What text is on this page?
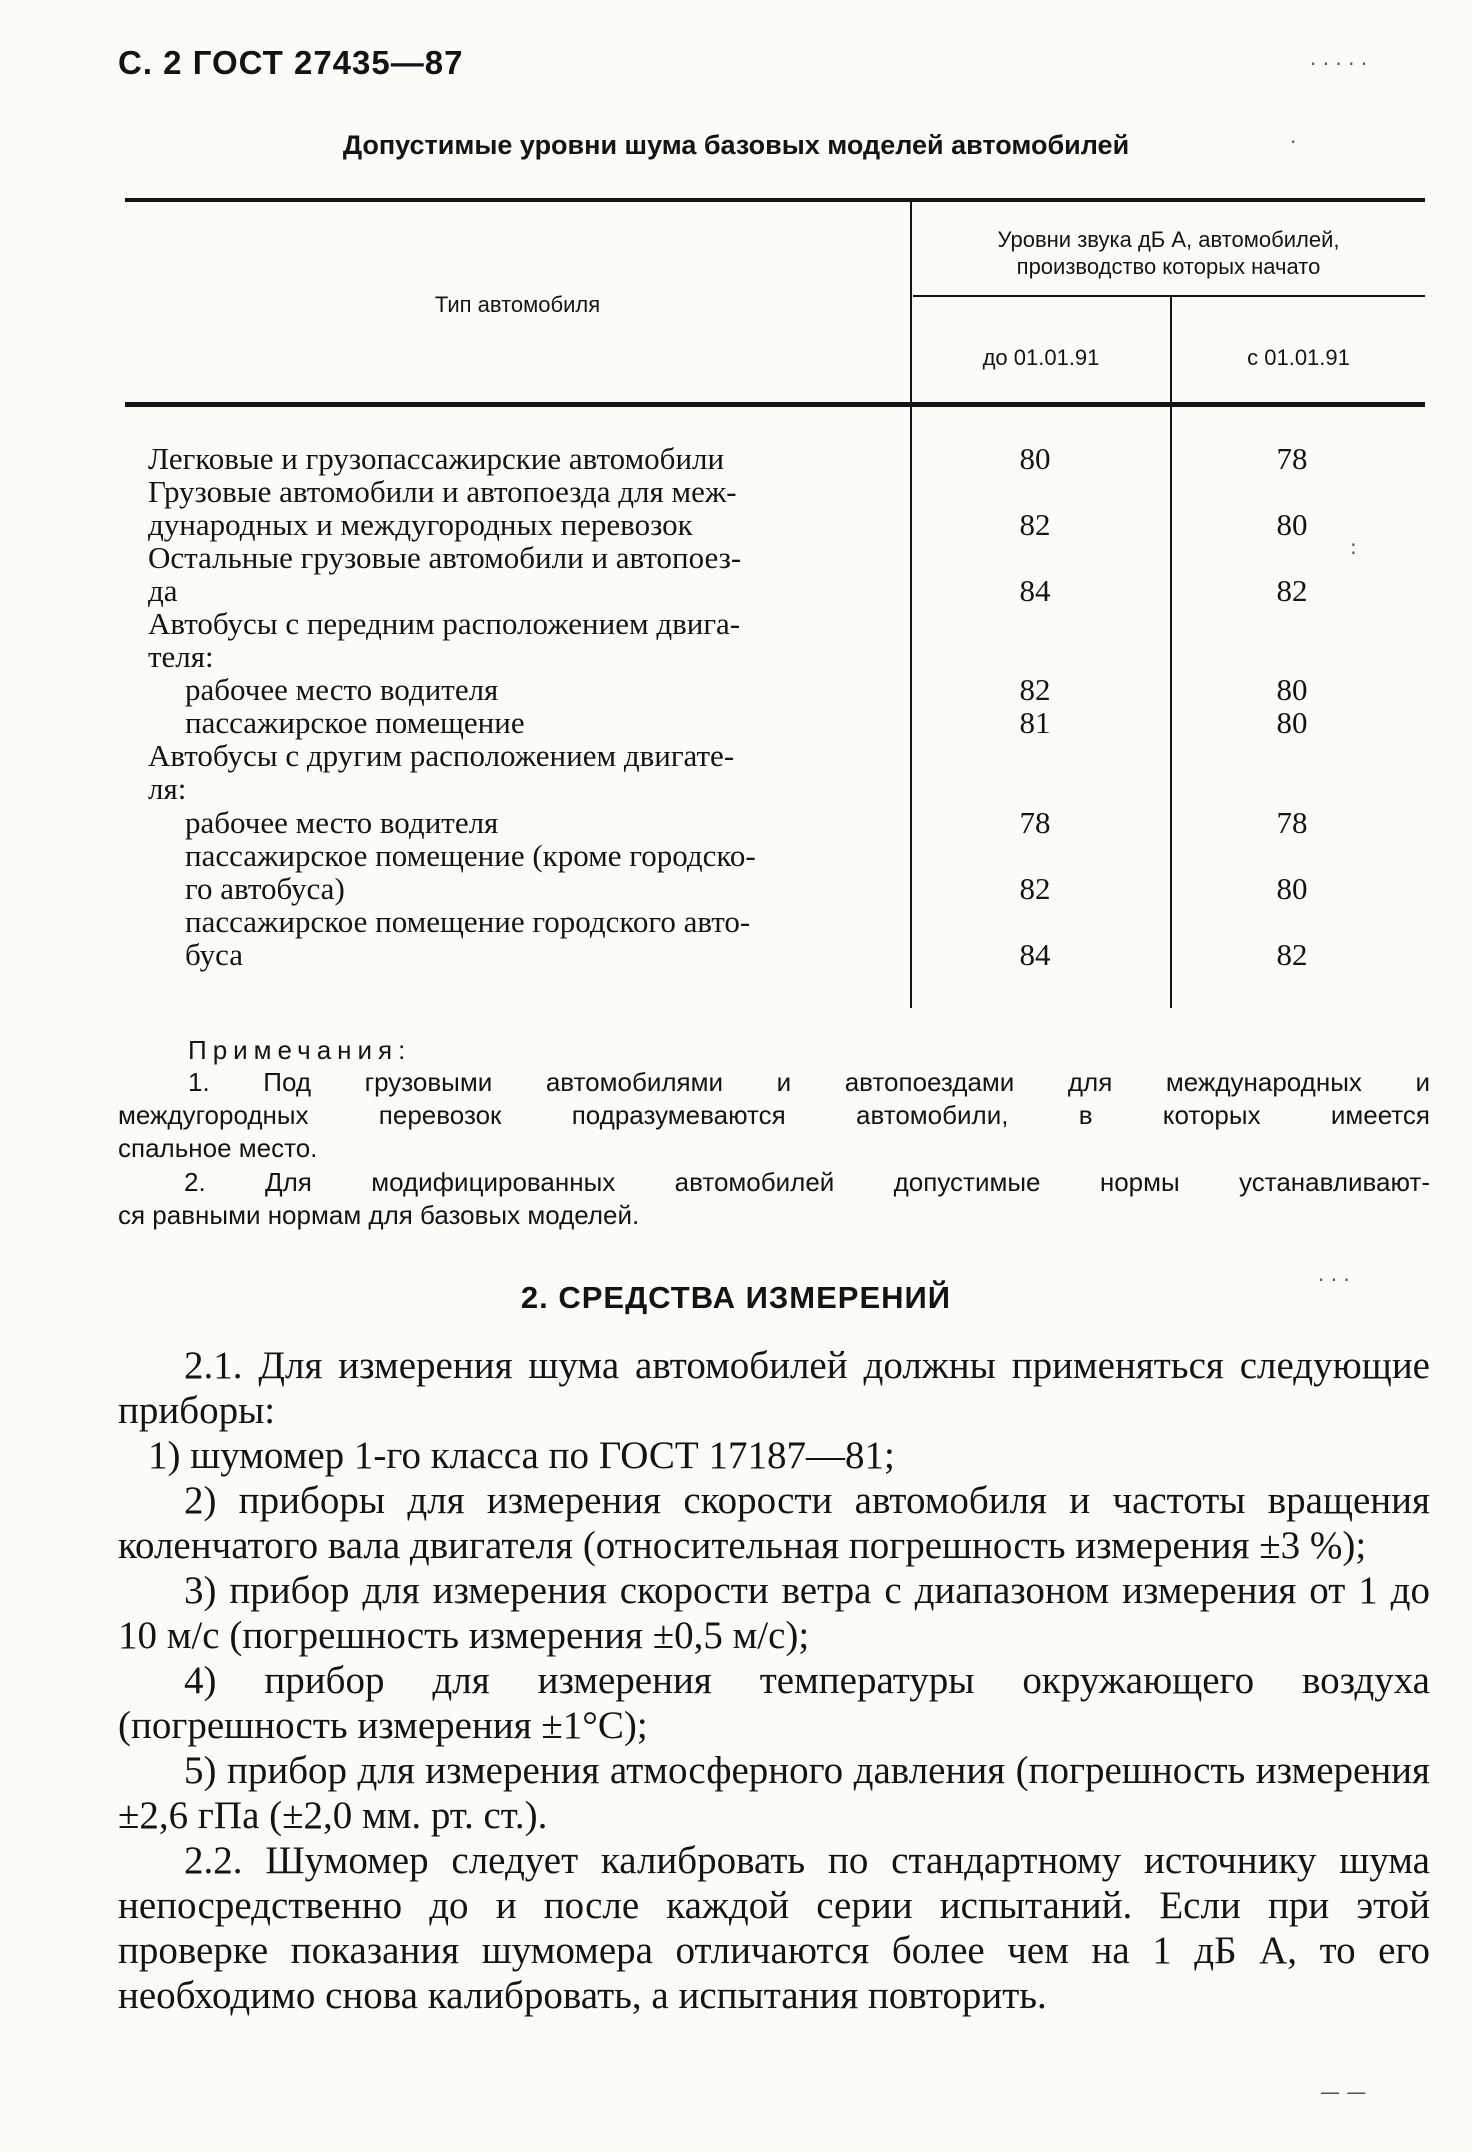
С. 2 ГОСТ 27435—87
Допустимые уровни шума базовых моделей автомобилей
Тип автомобиля
Уровни звука дБ А, автомобилей,
производство которых начато
до 01.01.91	с 01.01.91
Легковые и грузопассажирские автомобили	80	78
Грузовые автомобили и автопоезда для меж-
дународных и междугородных перевозок	82	80
Остальные грузовые автомобили и автопоез-
да	84	82
Автобусы с передним расположением двига-
теля:
рабочее место водителя	82	80
пассажирское помещение	81	80
Автобусы с другим расположением двигате-
ля:
рабочее место водителя	78	78
пассажирское помещение (кроме городско-
го автобуса)	82	80
пассажирское помещение городского авто-
буса	84	82
Примечания:
1. Под грузовыми автомобилями и автопоездами для международных и
междугородных перевозок подразумеваются автомобили, в которых имеется
спальное место.
2. Для модифицированных автомобилей допустимые нормы устанавливают-
ся равными нормам для базовых моделей.
2. СРЕДСТВА ИЗМЕРЕНИЙ

2.1. Для измерения шума автомобилей должны применяться следующие приборы:

1) шумомер 1-го класса по ГОСТ 17187—81;

2) приборы для измерения скорости автомобиля и частоты вращения коленчатого вала двигателя (относительная погрешность измерения ±3 %);

3) прибор для измерения скорости ветра с диапазоном измерения от 1 до 10 м/с (погрешность измерения ±0,5 м/с);

4) прибор для измерения температуры окружающего воздуха (погрешность измерения ±1°С);

5) прибор для измерения атмосферного давления (погрешность измерения ±2,6 гПа (±2,0 мм. рт. ст.).

2.2. Шумомер следует калибровать по стандартному источнику шума непосредственно до и после каждой серии испытаний. Если при этой проверке показания шумомера отличаются более чем на 1 дБ А, то его необходимо снова калибровать, а испытания повторить.

· · · · ·
·
:
· · ·
— —
